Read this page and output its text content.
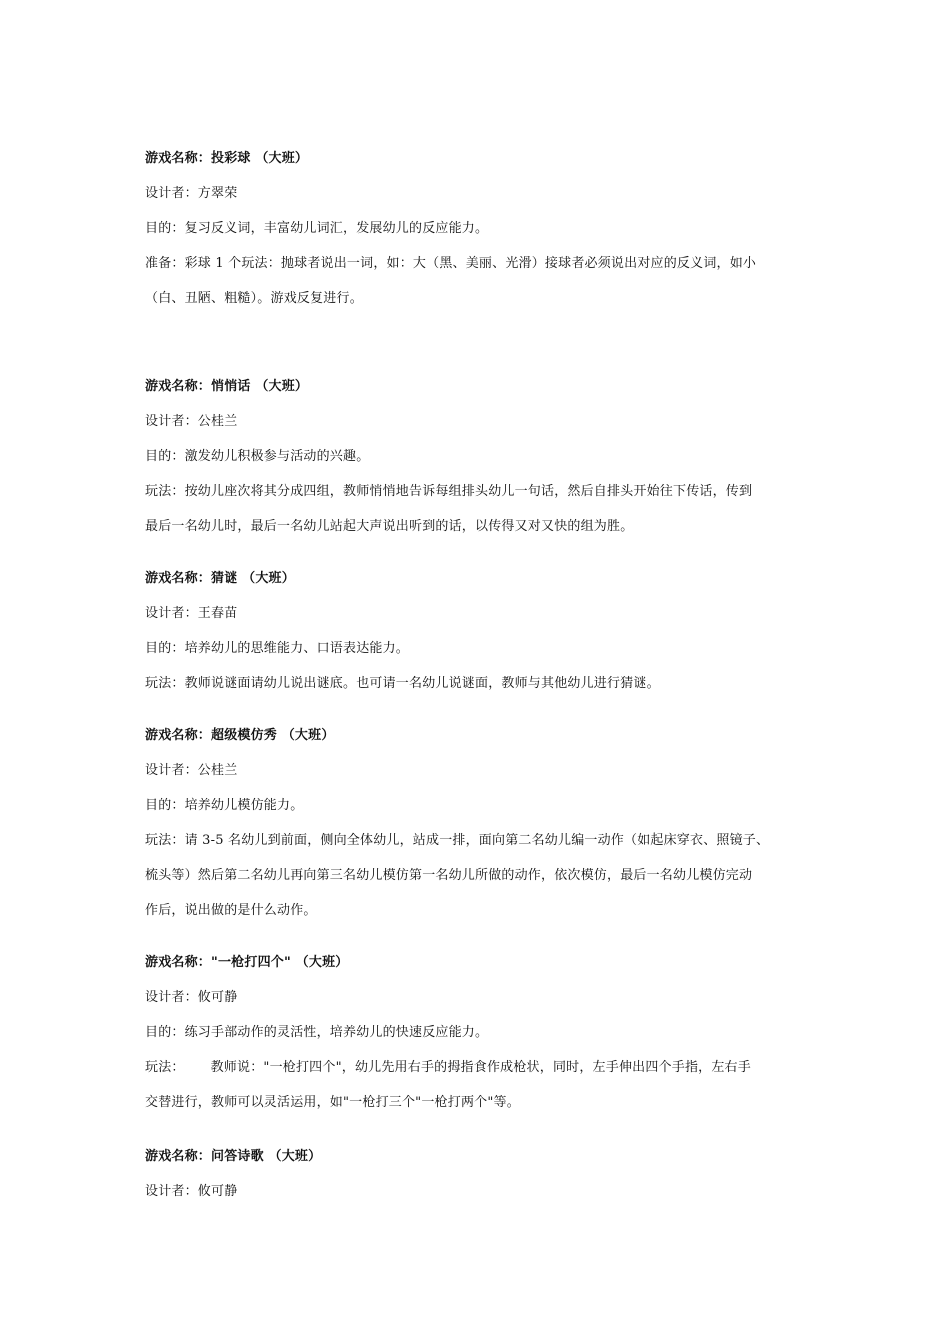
游戏名称：投彩球 （大班）
设计者：方翠荣
目的：复习反义词，丰富幼儿词汇，发展幼儿的反应能力。
准备：彩球 1 个玩法：抛球者说出一词，如：大（黑、美丽、光滑）接球者必须说出对应的反义词，如小
（白、丑陋、粗糙）。游戏反复进行。
游戏名称：悄悄话 （大班）
设计者：公桂兰
目的：激发幼儿积极参与活动的兴趣。
玩法：按幼儿座次将其分成四组，教师悄悄地告诉每组排头幼儿一句话，然后自排头开始往下传话，传到
最后一名幼儿时，最后一名幼儿站起大声说出听到的话，以传得又对又快的组为胜。
游戏名称：猜谜 （大班）
设计者：王春苗
目的：培养幼儿的思维能力、口语表达能力。
玩法：教师说谜面请幼儿说出谜底。也可请一名幼儿说谜面，教师与其他幼儿进行猜谜。
游戏名称：超级模仿秀 （大班）
设计者：公桂兰
目的：培养幼儿模仿能力。
玩法：请 3-5 名幼儿到前面，侧向全体幼儿，站成一排，面向第二名幼儿编一动作（如起床穿衣、照镜子、
梳头等）然后第二名幼儿再向第三名幼儿模仿第一名幼儿所做的动作，依次模仿，最后一名幼儿模仿完动
作后，说出做的是什么动作。
游戏名称："一枪打四个" （大班）
设计者：攸可静
目的：练习手部动作的灵活性，培养幼儿的快速反应能力。
玩法：      教师说："一枪打四个"，幼儿先用右手的拇指食作成枪状，同时，左手伸出四个手指，左右手
交替进行，教师可以灵活运用，如"一枪打三个"一枪打两个"等。
游戏名称：问答诗歌 （大班）
设计者：攸可静
